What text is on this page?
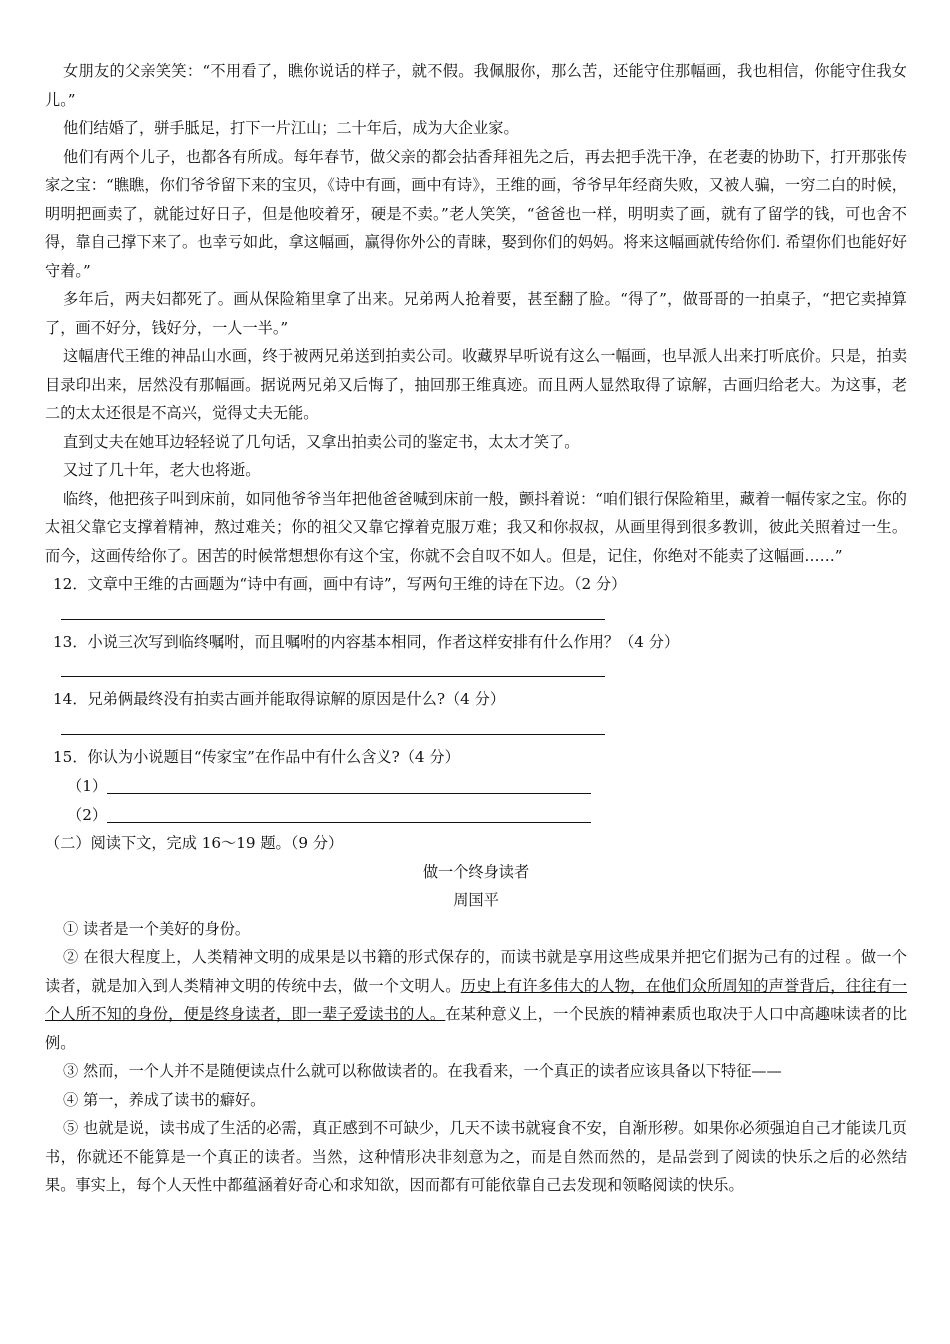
女朋友的父亲笑笑：“不用看了，瞧你说话的样子，就不假。我佩服你，那么苦，还能守住那幅画，我也相信，你能守住我女儿。”

他们结婚了，骈手胝足，打下一片江山；二十年后，成为大企业家。

他们有两个儿子，也都各有所成。每年春节，做父亲的都会拈香拜祖先之后，再去把手洗干净，在老妻的协助下，打开那张传家之宝：“瞧瞧，你们爷爷留下来的宝贝，《诗中有画，画中有诗》，王维的画，爷爷早年经商失败，又被人骗，一穷二白的时候，明明把画卖了，就能过好日子，但是他咬着牙，硬是不卖。”老人笑笑，“爸爸也一样，明明卖了画，就有了留学的钱，可也舍不得，靠自己撑下来了。也幸亏如此，拿这幅画，赢得你外公的青睐，娶到你们的妈妈。将来这幅画就传给你们. 希望你们也能好好守着。”

多年后，两夫妇都死了。画从保险箱里拿了出来。兄弟两人抢着要，甚至翻了脸。“得了”，做哥哥的一拍桌子，“把它卖掉算了，画不好分，钱好分，一人一半。”

这幅唐代王维的神品山水画，终于被两兄弟送到拍卖公司。收藏界早听说有这么一幅画，也早派人出来打听底价。只是，拍卖目录印出来，居然没有那幅画。据说两兄弟又后悔了，抽回那王维真迹。而且两人显然取得了谅解，古画归给老大。为这事，老二的太太还很是不高兴，觉得丈夫无能。

直到丈夫在她耳边轻轻说了几句话，又拿出拍卖公司的鉴定书，太太才笑了。

又过了几十年，老大也将逝。

临终，他把孩子叫到床前，如同他爷爷当年把他爸爸喊到床前一般，颤抖着说：“咱们银行保险箱里，藏着一幅传家之宝。你的太祖父靠它支撑着精神，熬过难关；你的祖父又靠它撑着克服万难；我又和你叔叔，从画里得到很多教训，彼此关照着过一生。而今，这画传给你了。困苦的时候常想想你有这个宝，你就不会自叹不如人。但是，记住，你绝对不能卖了这幅画……”

12．文章中王维的古画题为“诗中有画，画中有诗”，写两句王维的诗在下边。（2 分）

13．小说三次写到临终嘱咐，而且嘱咐的内容基本相同，作者这样安排有什么作用？（4 分）

14．兄弟俩最终没有拍卖古画并能取得谅解的原因是什么?（4 分）

15．你认为小说题目“传家宝”在作品中有什么含义?（4 分）

（1）
（2）

（二）阅读下文，完成 16～19 题。（9 分）

做一个终身读者

周国平

① 读者是一个美好的身份。

② 在很大程度上，人类精神文明的成果是以书籍的形式保存的，而读书就是享用这些成果并把它们据为己有的过程 。做一个读者，就是加入到人类精神文明的传统中去，做一个文明人。历史上有许多伟大的人物，在他们众所周知的声誉背后，往往有一个人所不知的身份，便是终身读者，即一辈子爱读书的人。在某种意义上，一个民族的精神素质也取决于人口中高趣味读者的比例。

③ 然而，一个人并不是随便读点什么就可以称做读者的。在我看来，一个真正的读者应该具备以下特征——

④ 第一，养成了读书的癖好。

⑤ 也就是说，读书成了生活的必需，真正感到不可缺少，几天不读书就寝食不安，自渐形秽。如果你必须强迫自己才能读几页书，你就还不能算是一个真正的读者。当然，这种情形决非刻意为之，而是自然而然的，是品尝到了阅读的快乐之后的必然结果。事实上，每个人天性中都蕴涵着好奇心和求知欲，因而都有可能依靠自己去发现和领略阅读的快乐。
